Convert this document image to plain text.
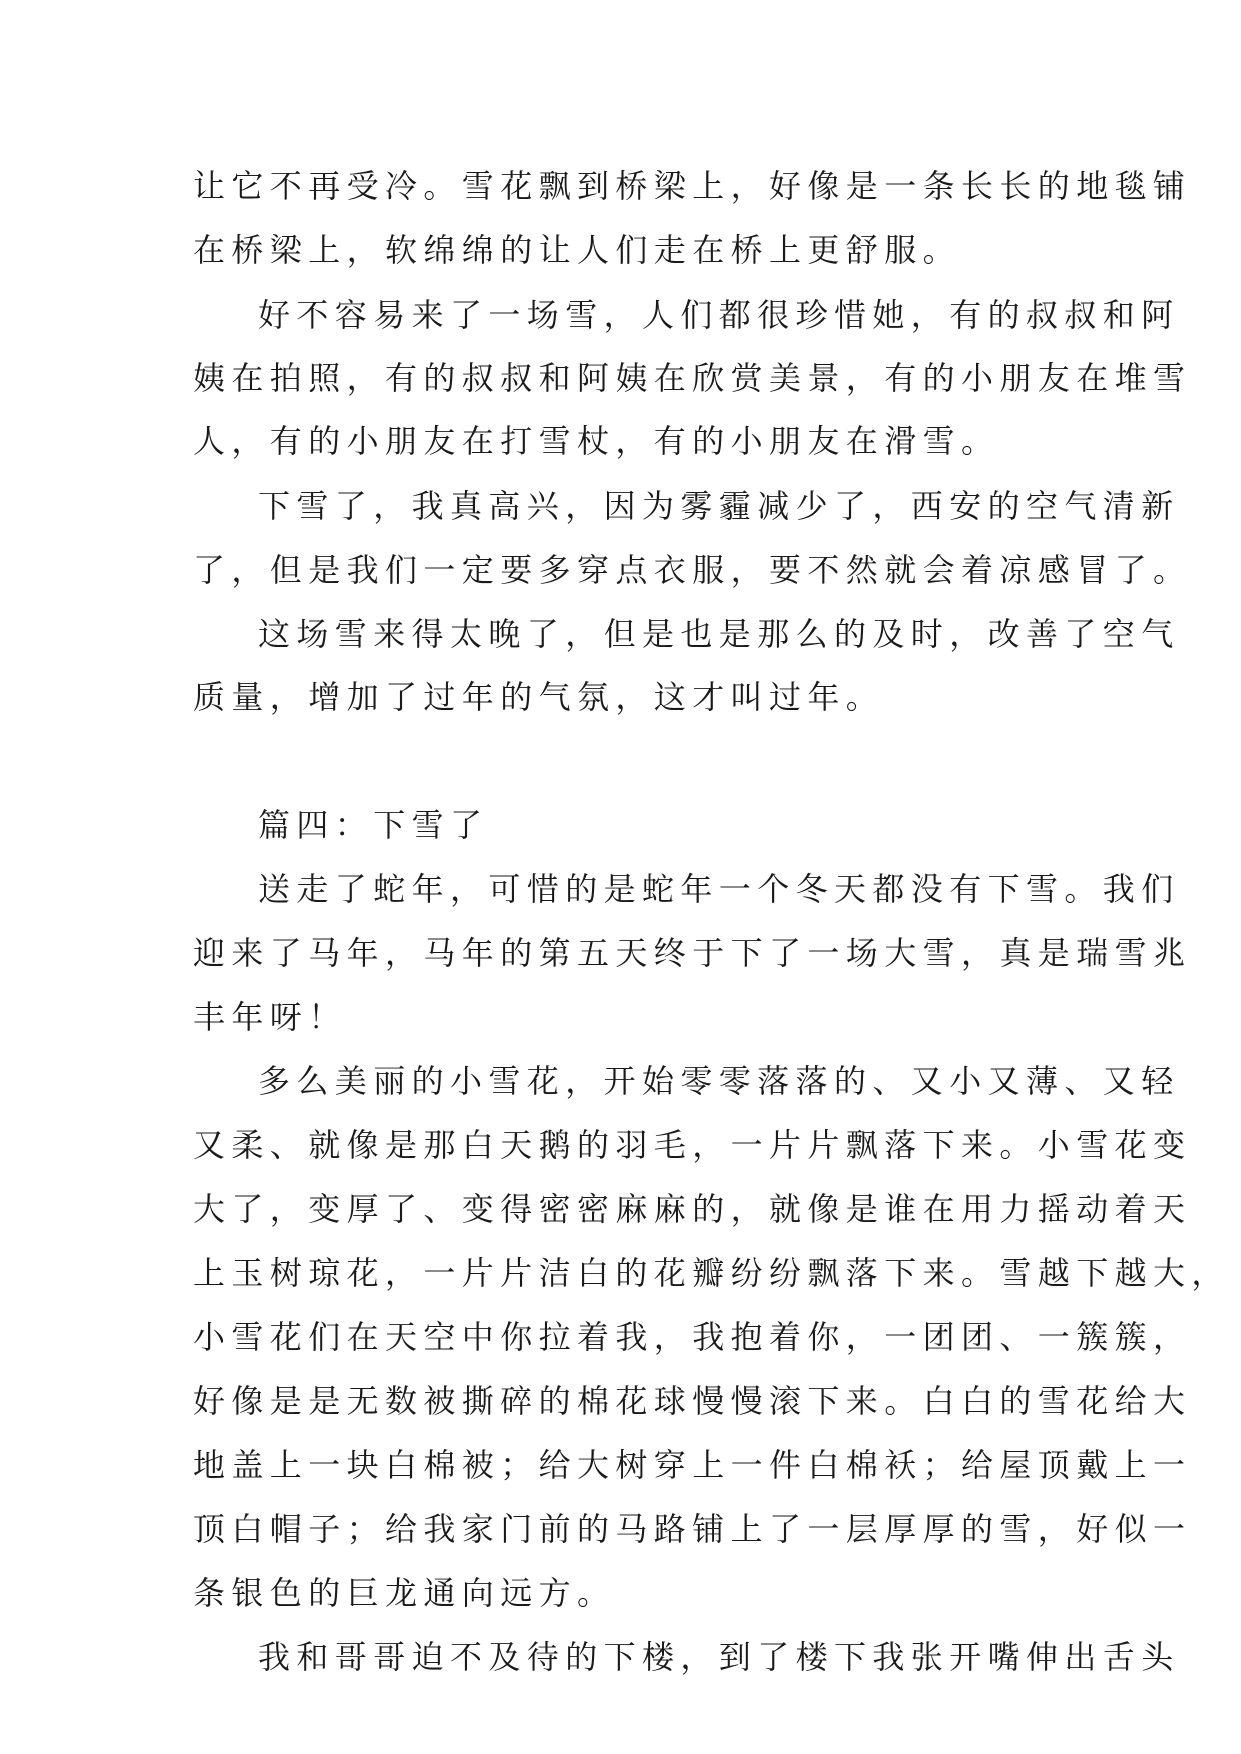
让它不再受冷。雪花飘到桥梁上，好像是一条长长的地毯铺

在桥梁上，软绵绵的让人们走在桥上更舒服。

好不容易来了一场雪，人们都很珍惜她，有的叔叔和阿

姨在拍照，有的叔叔和阿姨在欣赏美景，有的小朋友在堆雪

人，有的小朋友在打雪杖，有的小朋友在滑雪。

下雪了，我真高兴，因为雾霾减少了，西安的空气清新

了，但是我们一定要多穿点衣服，要不然就会着凉感冒了。

这场雪来得太晚了，但是也是那么的及时，改善了空气

质量，增加了过年的气氛，这才叫过年。

篇四：下雪了

送走了蛇年，可惜的是蛇年一个冬天都没有下雪。我们

迎来了马年，马年的第五天终于下了一场大雪，真是瑞雪兆

丰年呀！

多么美丽的小雪花，开始零零落落的、又小又薄、又轻

又柔、就像是那白天鹅的羽毛，一片片飘落下来。小雪花变

大了，变厚了、变得密密麻麻的，就像是谁在用力摇动着天

上玉树琼花，一片片洁白的花瓣纷纷飘落下来。雪越下越大，

小雪花们在天空中你拉着我，我抱着你，一团团、一簇簇，

好像是是无数被撕碎的棉花球慢慢滚下来。白白的雪花给大

地盖上一块白棉被；给大树穿上一件白棉袄；给屋顶戴上一

顶白帽子；给我家门前的马路铺上了一层厚厚的雪，好似一

条银色的巨龙通向远方。

我和哥哥迫不及待的下楼，到了楼下我张开嘴伸出舌头
